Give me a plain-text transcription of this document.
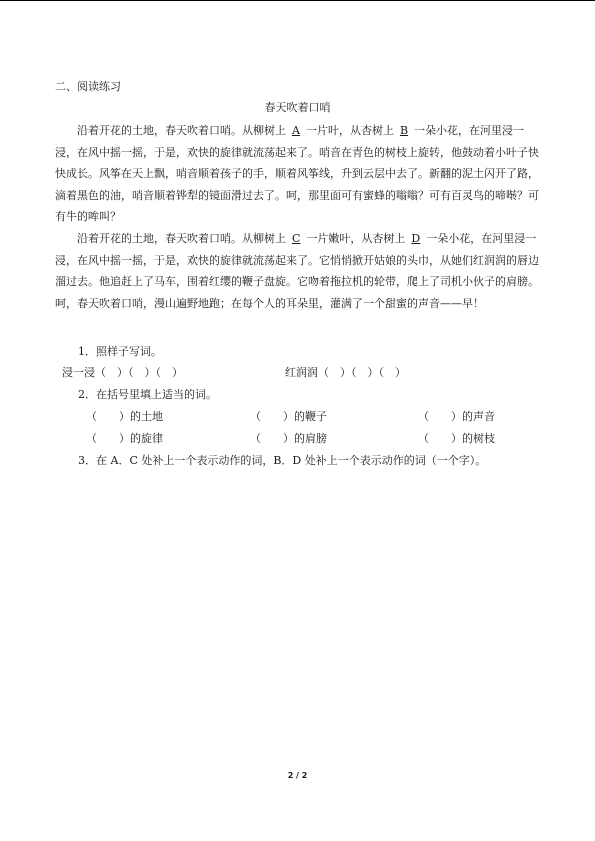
二、阅读练习
春天吹着口哨

沿着开花的土地，春天吹着口哨。从柳树上 A 一片叶，从杏树上 B 一朵小花，在河里浸一浸，在风中摇一摇，于是，欢快的旋律就流荡起来了。哨音在青色的树枝上旋转，他鼓动着小叶子快快成长。风筝在天上飘，哨音顺着孩子的手，顺着风筝线，升到云层中去了。新翻的泥土闪开了路，滴着黑色的油，哨音顺着铧犁的镜面滑过去了。呵，那里面可有蜜蜂的嗡嗡？可有百灵鸟的啼啭？可有牛的哞叫？

沿着开花的土地，春天吹着口哨。从柳树上 C 一片嫩叶，从杏树上 D 一朵小花，在河里浸一浸，在风中摇一摇，于是，欢快的旋律就流荡起来了。它悄悄掀开姑娘的头巾，从她们红润润的唇边溜过去。他追赶上了马车，围着红缨的鞭子盘旋。它吻着拖拉机的轮带，爬上了司机小伙子的肩膀。呵，春天吹着口哨，漫山遍野地跑；在每个人的耳朵里，灌满了一个甜蜜的声音——早！

1．照样子写词。
浸一浸（　）（　）（　）	红润润（　）（　）（　）
2．在括号里填上适当的词。
（　　）的土地	（　　）的鞭子	（　　）的声音
（　　）的旋律	（　　）的肩膀	（　　）的树枝
3．在 A．C 处补上一个表示动作的词，B．D 处补上一个表示动作的词（一个字）。
2 / 2
